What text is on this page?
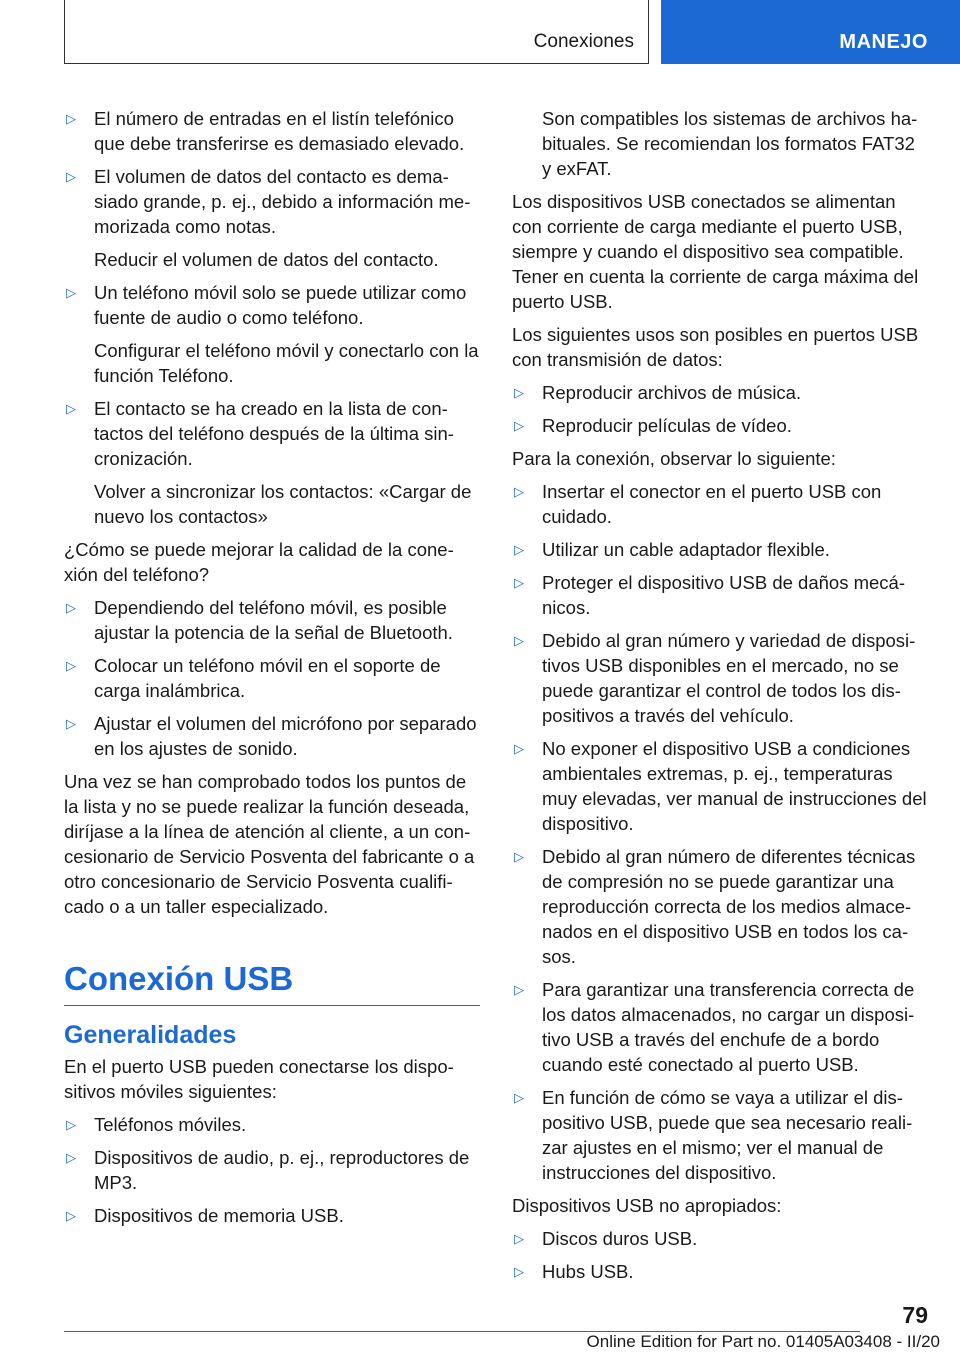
Conexiones	MANEJO
▷ El número de entradas en el listín telefónico que debe transferirse es demasiado elevado.
▷ El volumen de datos del contacto es demasiado grande, p. ej., debido a información memorizada como notas.

Reducir el volumen de datos del contacto.

▷ Un teléfono móvil solo se puede utilizar como fuente de audio o como teléfono.

Configurar el teléfono móvil y conectarlo con la función Teléfono.

▷ El contacto se ha creado en la lista de contactos del teléfono después de la última sincronización.

Volver a sincronizar los contactos: «Cargar de nuevo los contactos»

¿Cómo se puede mejorar la calidad de la conexión del teléfono?

▷ Dependiendo del teléfono móvil, es posible ajustar la potencia de la señal de Bluetooth.
▷ Colocar un teléfono móvil en el soporte de carga inalámbrica.
▷ Ajustar el volumen del micrófono por separado en los ajustes de sonido.

Una vez se han comprobado todos los puntos de la lista y no se puede realizar la función deseada, diríjase a la línea de atención al cliente, a un concesionario de Servicio Posventa del fabricante o a otro concesionario de Servicio Posventa cualificado o a un taller especializado.

Conexión USB
Generalidades

En el puerto USB pueden conectarse los dispositivos móviles siguientes:

▷ Teléfonos móviles.
▷ Dispositivos de audio, p. ej., reproductores de MP3.
▷ Dispositivos de memoria USB.

Son compatibles los sistemas de archivos habituales. Se recomiendan los formatos FAT32 y exFAT.

Los dispositivos USB conectados se alimentan con corriente de carga mediante el puerto USB, siempre y cuando el dispositivo sea compatible. Tener en cuenta la corriente de carga máxima del puerto USB.

Los siguientes usos son posibles en puertos USB con transmisión de datos:

▷ Reproducir archivos de música.
▷ Reproducir películas de vídeo.

Para la conexión, observar lo siguiente:

▷ Insertar el conector en el puerto USB con cuidado.
▷ Utilizar un cable adaptador flexible.
▷ Proteger el dispositivo USB de daños mecánicos.
▷ Debido al gran número y variedad de dispositivos USB disponibles en el mercado, no se puede garantizar el control de todos los dispositivos a través del vehículo.
▷ No exponer el dispositivo USB a condiciones ambientales extremas, p. ej., temperaturas muy elevadas, ver manual de instrucciones del dispositivo.
▷ Debido al gran número de diferentes técnicas de compresión no se puede garantizar una reproducción correcta de los medios almacenados en el dispositivo USB en todos los casos.
▷ Para garantizar una transferencia correcta de los datos almacenados, no cargar un dispositivo USB a través del enchufe de a bordo cuando esté conectado al puerto USB.
▷ En función de cómo se vaya a utilizar el dispositivo USB, puede que sea necesario realizar ajustes en el mismo; ver el manual de instrucciones del dispositivo.

Dispositivos USB no apropiados:

▷ Discos duros USB.
▷ Hubs USB.
79
Online Edition for Part no. 01405A03408 - II/20
